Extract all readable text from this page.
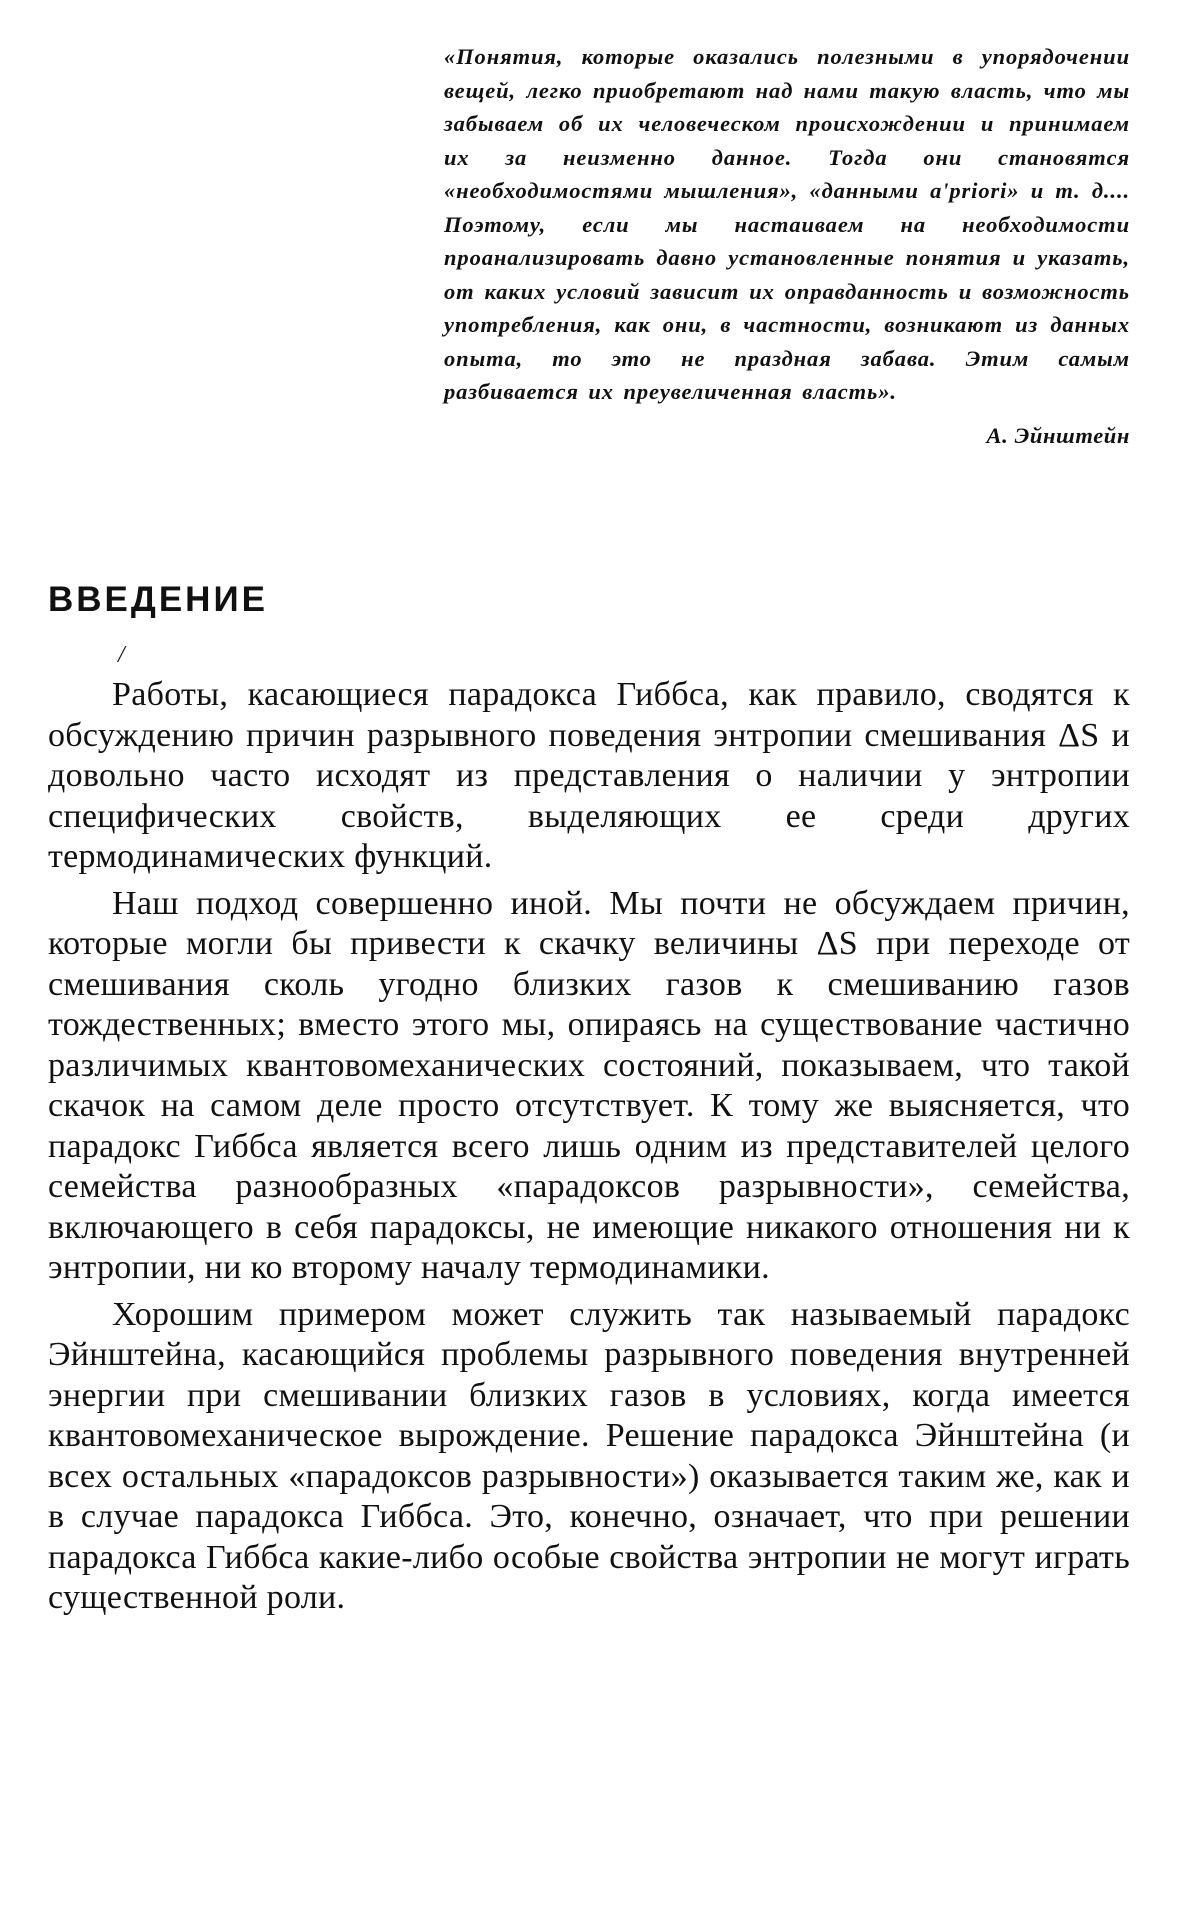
«Понятия, которые оказались полезными в упорядочении вещей, легко приобретают над нами такую власть, что мы забываем об их человеческом происхождении и принимаем их за неизменно данное. Тогда они становятся «необходимостями мышления», «данными a'priori» и т. д.... Поэтому, если мы настаиваем на необходимости проанализировать давно установленные понятия и указать, от каких условий зависит их оправданность и возможность употребления, как они, в частности, возникают из данных опыта, то это не праздная забава. Этим самым разбивается их преувеличенная власть».

А. Эйнштейн

ВВЕДЕНИЕ
/

Работы, касающиеся парадокса Гиббса, как правило, сводятся к обсуждению причин разрывного поведения энтропии смешивания ΔS и довольно часто исходят из представления о наличии у энтропии специфических свойств, выделяющих ее среди других термодинамических функций.

Наш подход совершенно иной. Мы почти не обсуждаем причин, которые могли бы привести к скачку величины ΔS при переходе от смешивания сколь угодно близких газов к смешиванию газов тождественных; вместо этого мы, опираясь на существование частично различимых квантовомеханических состояний, показываем, что такой скачок на самом деле просто отсутствует. К тому же выясняется, что парадокс Гиббса является всего лишь одним из представителей целого семейства разнообразных «парадоксов разрывности», семейства, включающего в себя парадоксы, не имеющие никакого отношения ни к энтропии, ни ко второму началу термодинамики.

Хорошим примером может служить так называемый парадокс Эйнштейна, касающийся проблемы разрывного поведения внутренней энергии при смешивании близких газов в условиях, когда имеется квантовомеханическое вырождение. Решение парадокса Эйнштейна (и всех остальных «парадоксов разрывности») оказывается таким же, как и в случае парадокса Гиббса. Это, конечно, означает, что при решении парадокса Гиббса какие-либо особые свойства энтропии не могут играть существенной роли.
